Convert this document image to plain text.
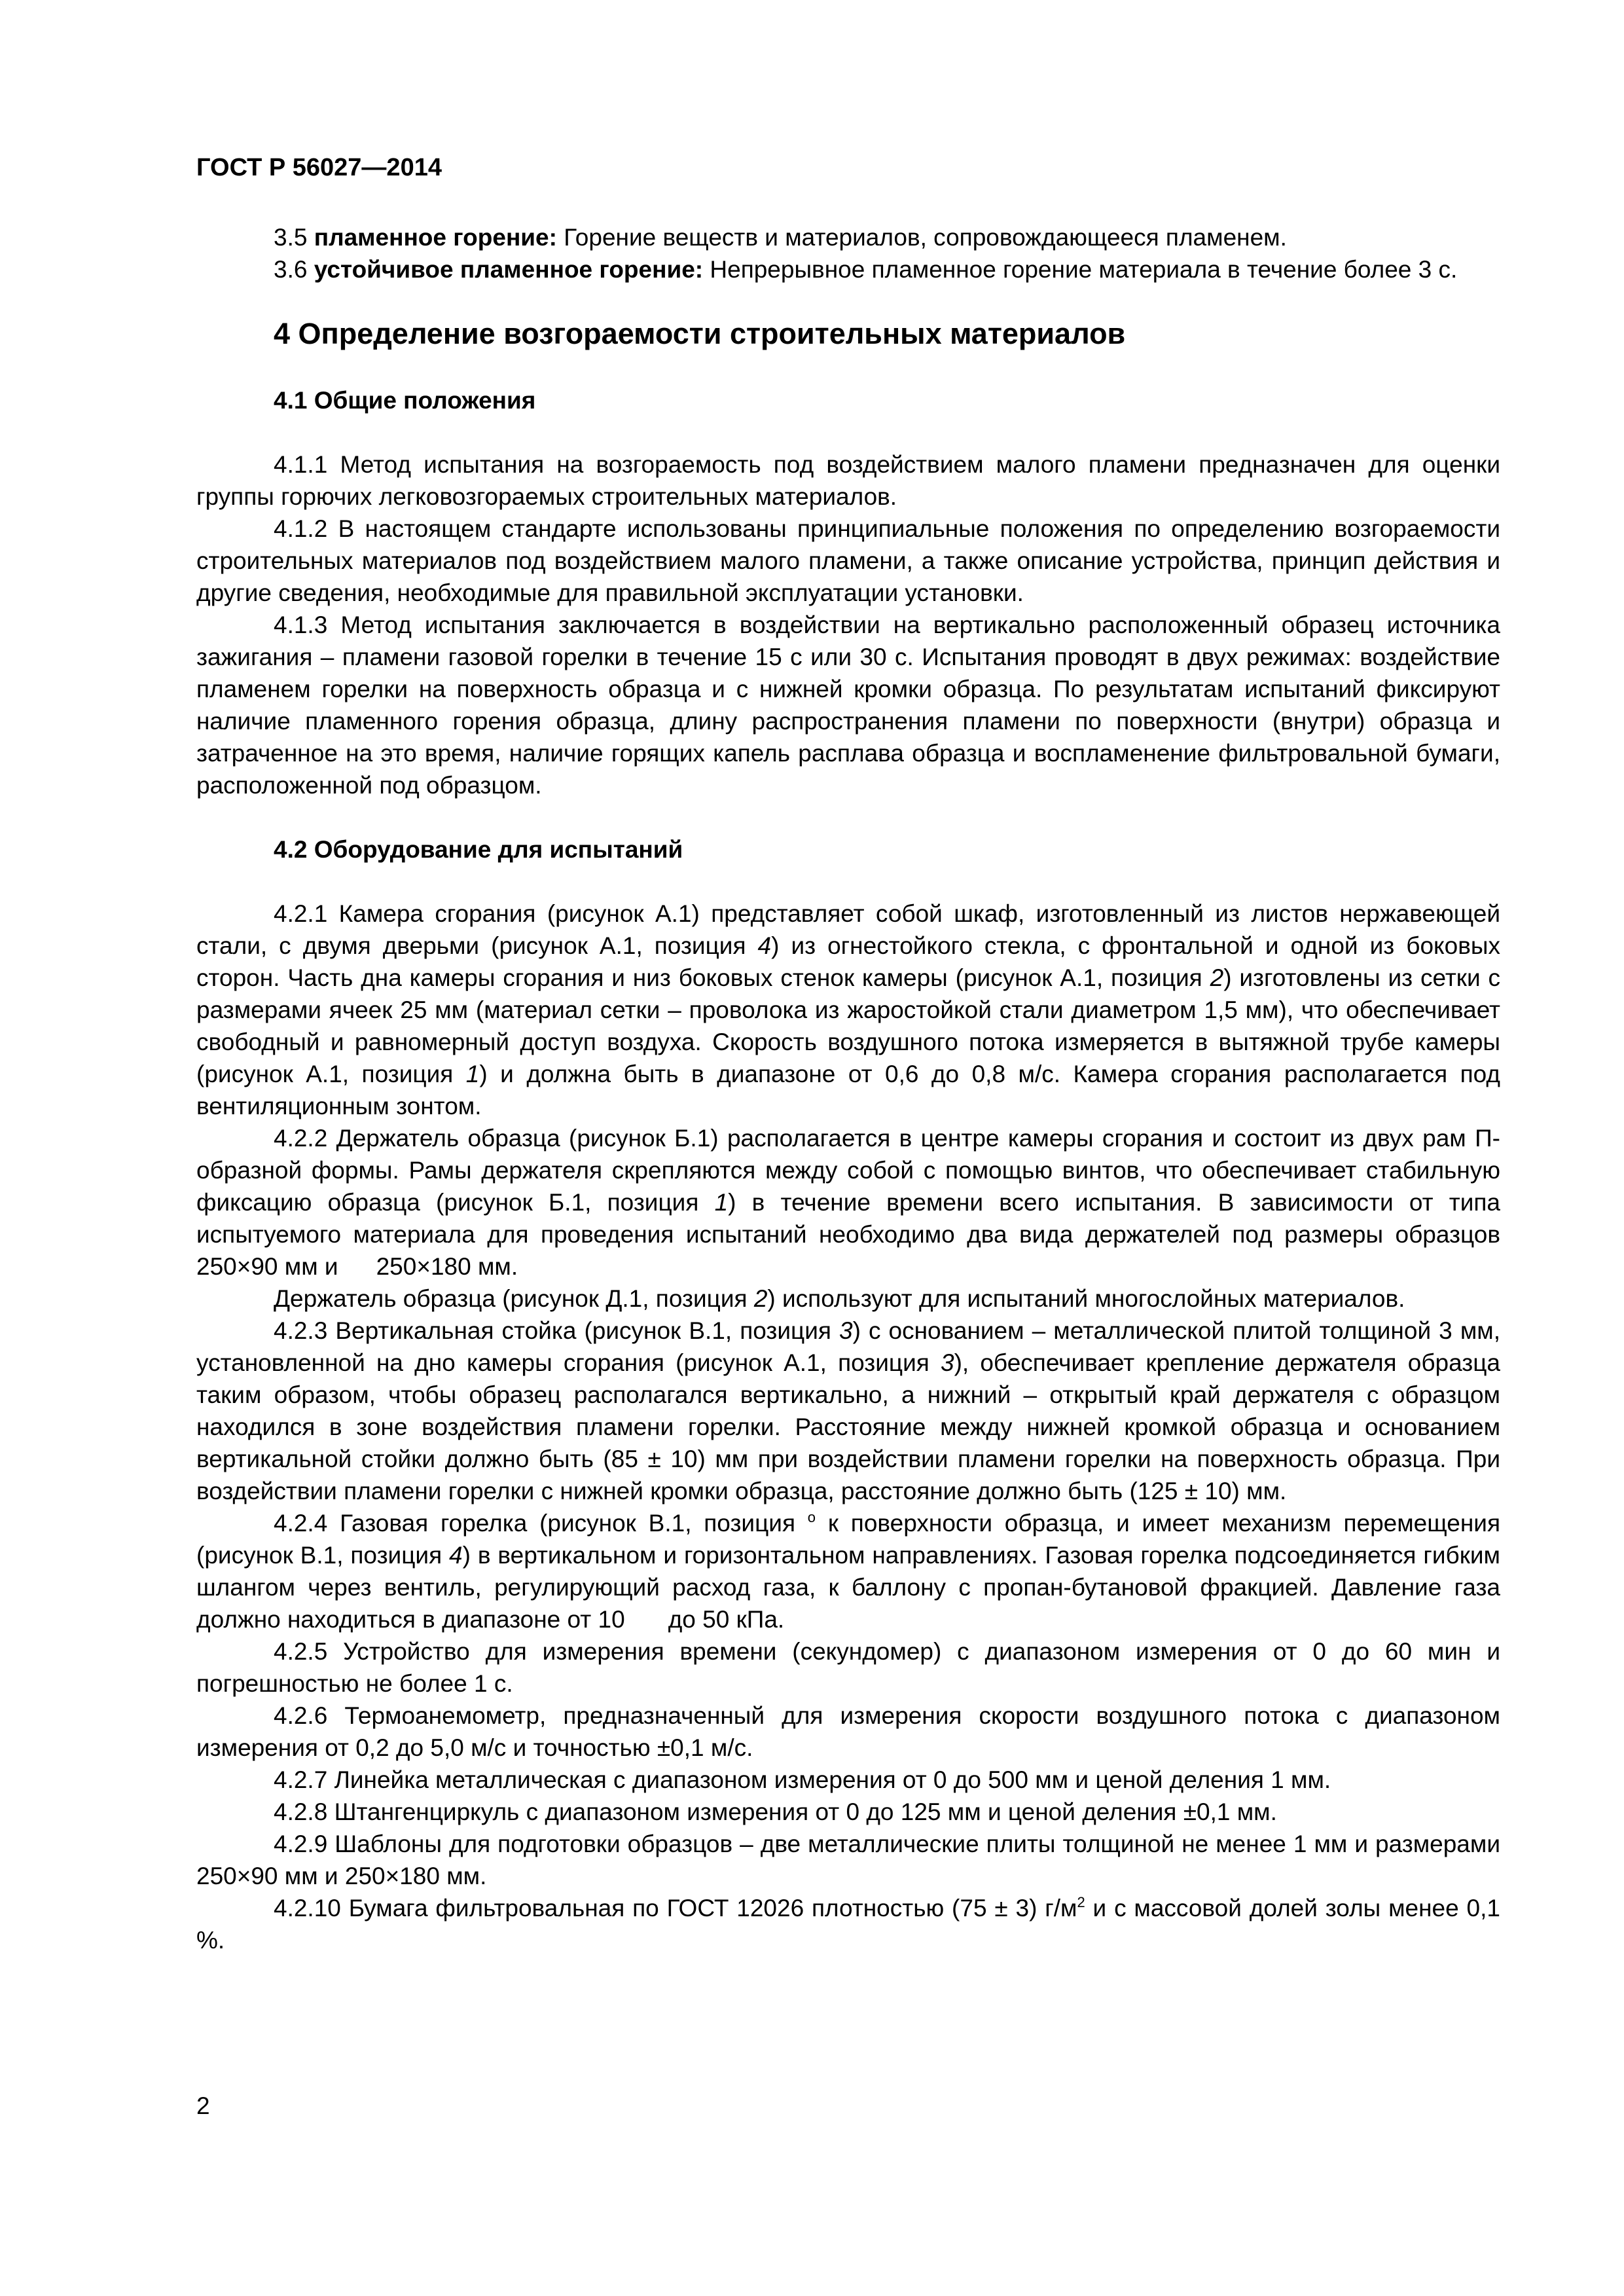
ГОСТ Р 56027—2014

3.5 пламенное горение: Горение веществ и материалов, сопровождающееся пламенем.

3.6 устойчивое пламенное горение: Непрерывное пламенное горение материала в течение более 3 с.

4 Определение возгораемости строительных материалов
4.1 Общие положения

4.1.1 Метод испытания на возгораемость под воздействием малого пламени предназначен для оценки группы горючих легковозгораемых строительных материалов.

4.1.2 В настоящем стандарте использованы принципиальные положения по определению возгораемости строительных материалов под воздействием малого пламени, а также описание устройства, принцип действия и другие сведения, необходимые для правильной эксплуатации установки.

4.1.3 Метод испытания заключается в воздействии на вертикально расположенный образец источника зажигания – пламени газовой горелки в течение 15 с или 30 с. Испытания проводят в двух режимах: воздействие пламенем горелки на поверхность образца и с нижней кромки образца. По результатам испытаний фиксируют наличие пламенного горения образца, длину распространения пламени по поверхности (внутри) образца и затраченное на это время, наличие горящих капель расплава образца и воспламенение фильтровальной бумаги, расположенной под образцом.

4.2 Оборудование для испытаний

4.2.1 Камера сгорания (рисунок А.1) представляет собой шкаф, изготовленный из листов нержавеющей стали, с двумя дверьми (рисунок А.1, позиция 4) из огнестойкого стекла, с фронтальной и одной из боковых сторон. Часть дна камеры сгорания и низ боковых стенок камеры (рисунок А.1, позиция 2) изготовлены из сетки с размерами ячеек 25 мм (материал сетки – проволока из жаростойкой стали диаметром 1,5 мм), что обеспечивает свободный и равномерный доступ воздуха. Скорость воздушного потока измеряется в вытяжной трубе камеры (рисунок А.1, позиция 1) и должна быть в диапазоне от 0,6 до 0,8 м/с. Камера сгорания располагается под вентиляционным зонтом.

4.2.2 Держатель образца (рисунок Б.1) располагается в центре камеры сгорания и состоит из двух рам П-образной формы. Рамы держателя скрепляются между собой с помощью винтов, что обеспечивает стабильную фиксацию образца (рисунок Б.1, позиция 1) в течение времени всего испытания. В зависимости от типа испытуемого материала для проведения испытаний необходимо два вида держателей под размеры образцов 250×90 мм и 250×180 мм.

Держатель образца (рисунок Д.1, позиция 2) используют для испытаний многослойных материалов.

4.2.3 Вертикальная стойка (рисунок В.1, позиция 3) с основанием – металлической плитой толщиной 3 мм, установленной на дно камеры сгорания (рисунок А.1, позиция 3), обеспечивает крепление держателя образца таким образом, чтобы образец располагался вертикально, а нижний – открытый край держателя с образцом находился в зоне воздействия пламени горелки. Расстояние между нижней кромкой образца и основанием вертикальной стойки должно быть (85 ± 10) мм при воздействии пламени горелки на поверхность образца. При воздействии пламени горелки с нижней кромки образца, расстояние должно быть (125 ± 10) мм.

4.2.4 Газовая горелка (рисунок В.1, позиция $^o$ к поверхности образца, и имеет механизм перемещения (рисунок В.1, позиция 4) в вертикальном и горизонтальном направлениях. Газовая горелка подсоединяется гибким шлангом через вентиль, регулирующий расход газа, к баллону с пропан-бутановой фракцией. Давление газа должно находиться в диапазоне от 10 до 50 кПа.

4.2.5 Устройство для измерения времени (секундомер) с диапазоном измерения от 0 до 60 мин и погрешностью не более 1 с.

4.2.6 Термоанемометр, предназначенный для измерения скорости воздушного потока с диапазоном измерения от 0,2 до 5,0 м/с и точностью ±0,1 м/с.

4.2.7 Линейка металлическая с диапазоном измерения от 0 до 500 мм и ценой деления 1 мм.

4.2.8 Штангенциркуль с диапазоном измерения от 0 до 125 мм и ценой деления ±0,1 мм.

4.2.9 Шаблоны для подготовки образцов – две металлические плиты толщиной не менее 1 мм и размерами 250×90 мм и 250×180 мм.

4.2.10 Бумага фильтровальная по ГОСТ 12026 плотностью (75 ± 3) $г/м^2$ и с массовой долей золы менее 0,1 %.

2
